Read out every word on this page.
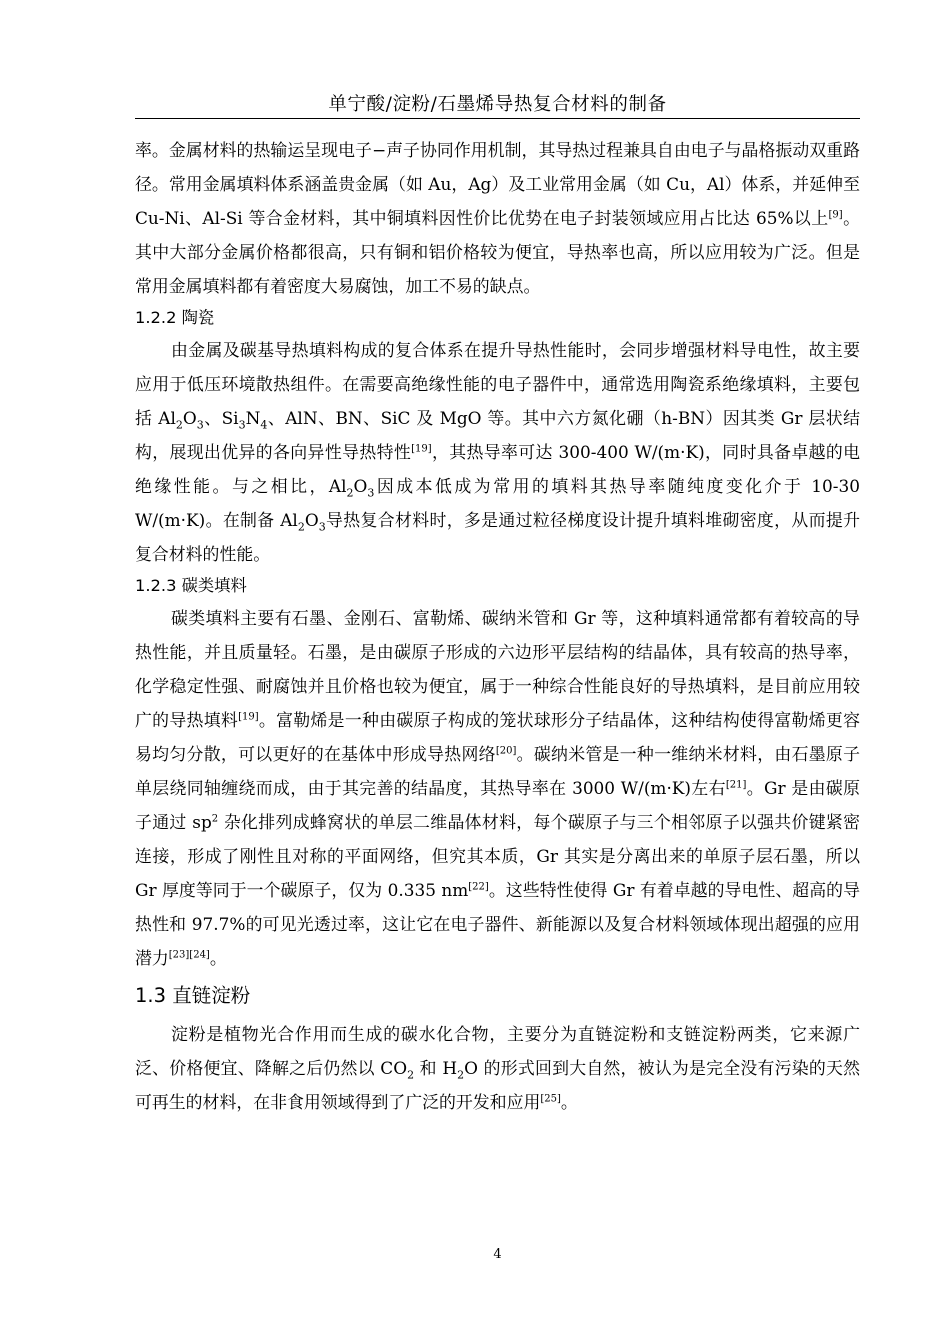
单宁酸/淀粉/石墨烯导热复合材料的制备

率。金属材料的热输运呈现电子−声子协同作用机制，其导热过程兼具自由电子与晶格振动双重路径。常用金属填料体系涵盖贵金属（如 Au，Ag）及工业常用金属（如 Cu，Al）体系，并延伸至 Cu-Ni、Al-Si 等合金材料，其中铜填料因性价比优势在电子封装领域应用占比达 65%以上[9]。其中大部分金属价格都很高，只有铜和铝价格较为便宜，导热率也高，所以应用较为广泛。但是常用金属填料都有着密度大易腐蚀，加工不易的缺点。

1.2.2 陶瓷

由金属及碳基导热填料构成的复合体系在提升导热性能时，会同步增强材料导电性，故主要应用于低压环境散热组件。在需要高绝缘性能的电子器件中，通常选用陶瓷系绝缘填料，主要包括 $Al_2O_3$、$Si_3N_4$、AlN、BN、SiC 及 MgO 等。其中六方氮化硼（h-BN）因其类 Gr 层状结构，展现出优异的各向异性导热特性[19]，其热导率可达 300-400 W/(m·K)，同时具备卓越的电绝缘性能。与之相比，$Al_2O_3$因成本低成为常用的填料其热导率随纯度变化介于 10-30 W/(m·K)。在制备 $Al_2O_3$导热复合材料时，多是通过粒径梯度设计提升填料堆砌密度，从而提升复合材料的性能。

1.2.3 碳类填料

碳类填料主要有石墨、金刚石、富勒烯、碳纳米管和 Gr 等，这种填料通常都有着较高的导热性能，并且质量轻。石墨，是由碳原子形成的六边形平层结构的结晶体，具有较高的热导率，化学稳定性强、耐腐蚀并且价格也较为便宜，属于一种综合性能良好的导热填料，是目前应用较广的导热填料[19]。富勒烯是一种由碳原子构成的笼状球形分子结晶体，这种结构使得富勒烯更容易均匀分散，可以更好的在基体中形成导热网络[20]。碳纳米管是一种一维纳米材料，由石墨原子单层绕同轴缠绕而成，由于其完善的结晶度，其热导率在 3000 W/(m·K)左右[21]。Gr 是由碳原子通过 $sp^2$ 杂化排列成蜂窝状的单层二维晶体材料，每个碳原子与三个相邻原子以强共价键紧密连接，形成了刚性且对称的平面网络，但究其本质，Gr 其实是分离出来的单原子层石墨，所以 Gr 厚度等同于一个碳原子，仅为 0.335 nm[22]。这些特性使得 Gr 有着卓越的导电性、超高的导热性和 97.7%的可见光透过率，这让它在电子器件、新能源以及复合材料领域体现出超强的应用潜力[23][24]。

1.3 直链淀粉

淀粉是植物光合作用而生成的碳水化合物，主要分为直链淀粉和支链淀粉两类，它来源广泛、价格便宜、降解之后仍然以 $CO_2$ 和 $H_2O$ 的形式回到大自然，被认为是完全没有污染的天然可再生的材料，在非食用领域得到了广泛的开发和应用[25]。

4
